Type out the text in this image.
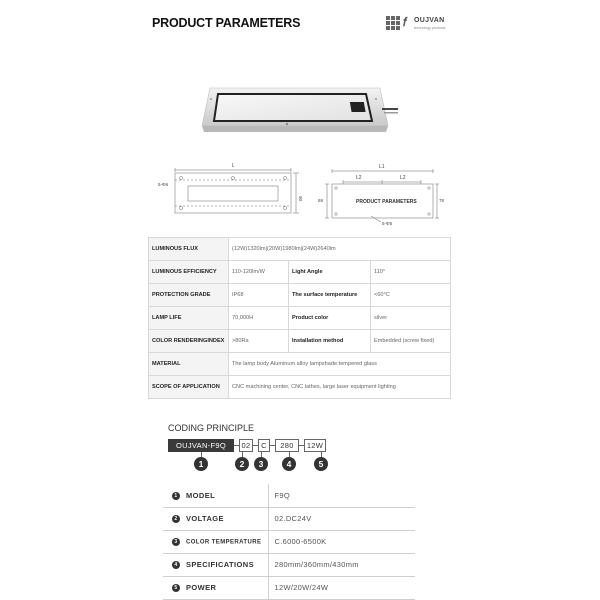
PRODUCT PARAMETERS	𝑓 OUJVAN
technology products
L
90
5-Φ6
L1
L2	L2
69	78
PRODUCT PARAMETERS
5-Φ5
LUMINOUS FLUX	(12W)1320lm|(20W)1980lm|(24W)2640lm		
LUMINOUS EFFICIENCY	110-120lm/W	Light Angle	110°
PROTECTION GRADE	IP68	The surface temperature	<60°C
LAMP LIFE	70,000H	Product color	silver
COLOR RENDERINGINDEX	>80Ra	Installation method	Embedded (screw fixed)
MATERIAL	The lamp body Aluminum alloy lampshade:tempered glass		
SCOPE OF APPLICATION	CNC machining center, CNC lathes, large laser equipment lighting		
CODING PRINCIPLE
OUJVAN-F9Q	02	C	280	12W
1	2	3	4	5
1 MODEL	F9Q
2 VOLTAGE	02.DC24V
3 COLOR TEMPERATURE	C.6000-6500K
4 SPECIFICATIONS	280mm/360mm/430mm
5 POWER	12W/20W/24W
